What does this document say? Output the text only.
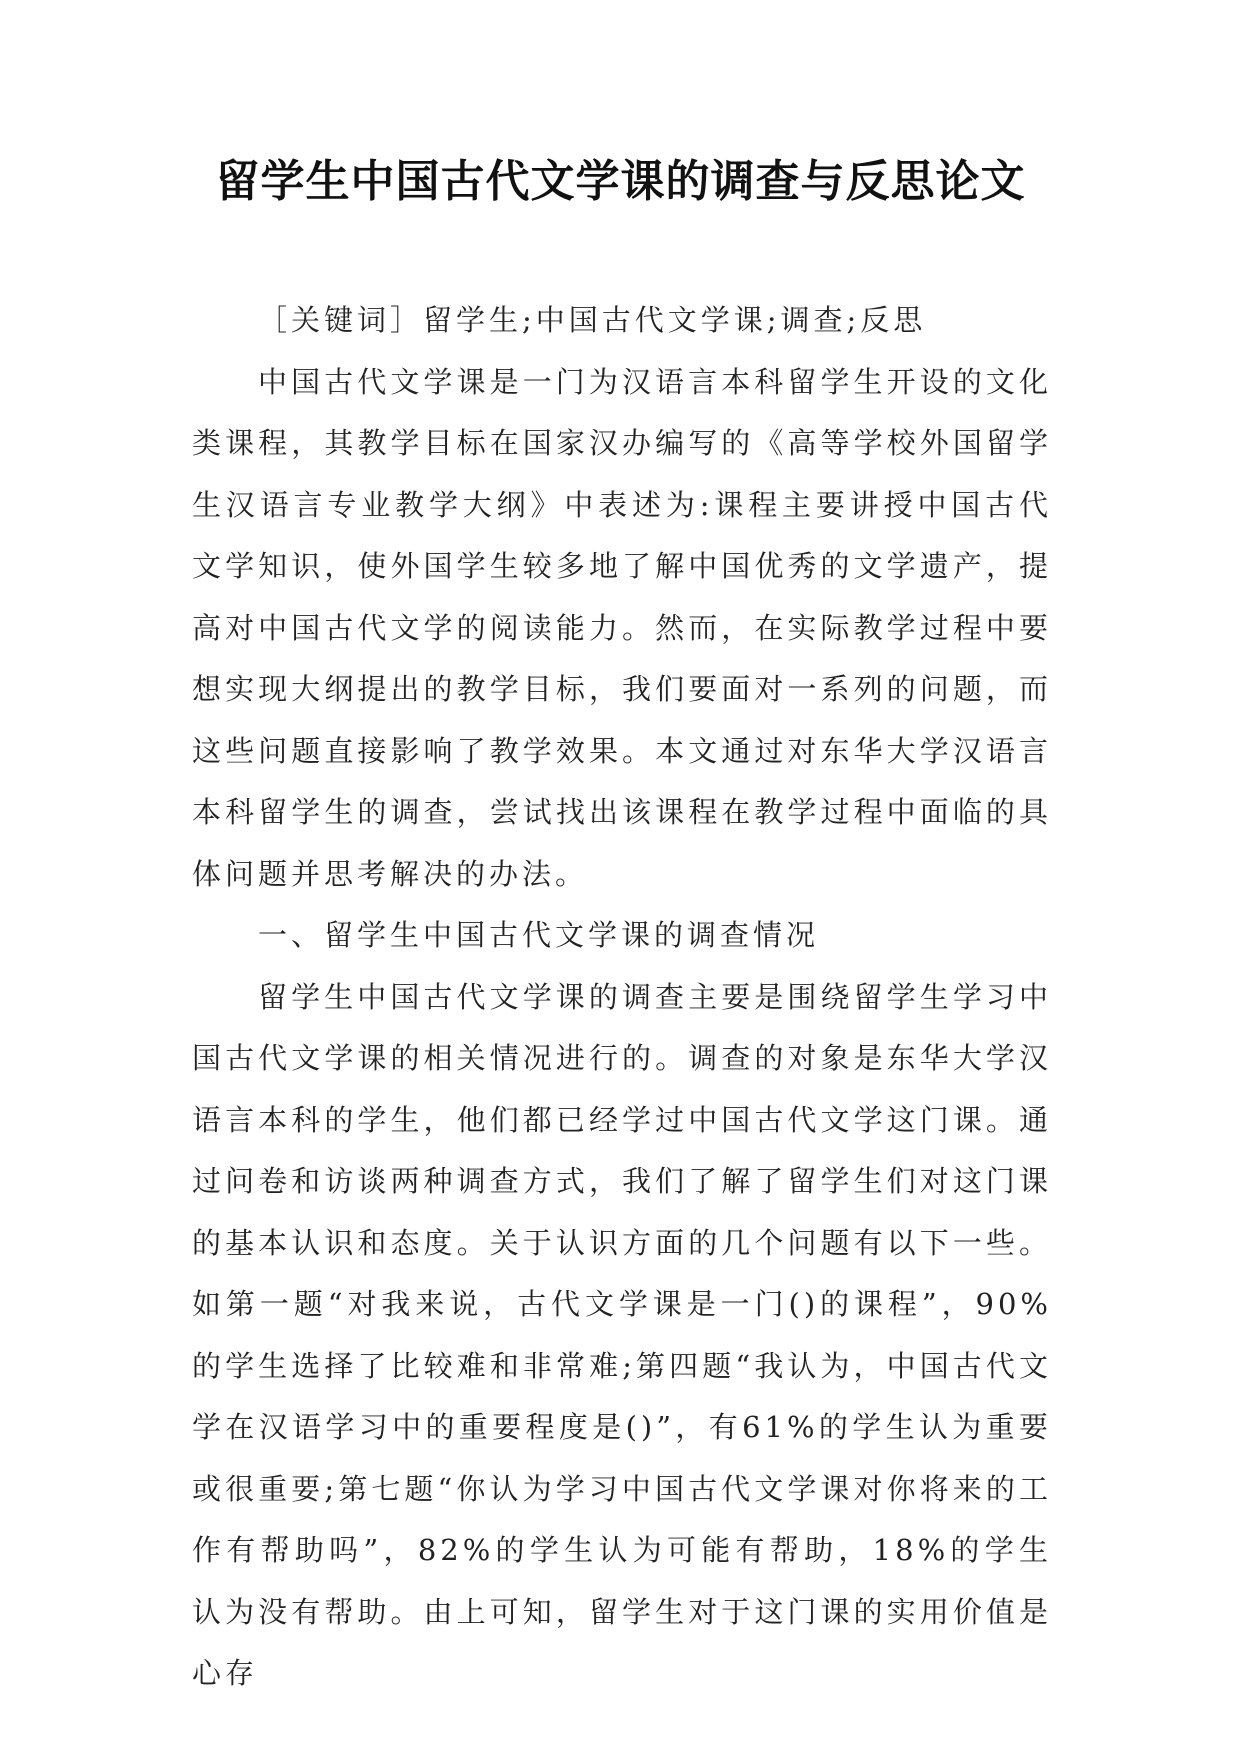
留学生中国古代文学课的调查与反思论文

［关键词］留学生;中国古代文学课;调查;反思

中国古代文学课是一门为汉语言本科留学生开设的文化类课程，其教学目标在国家汉办编写的《高等学校外国留学生汉语言专业教学大纲》中表述为:课程主要讲授中国古代文学知识，使外国学生较多地了解中国优秀的文学遗产，提高对中国古代文学的阅读能力。然而，在实际教学过程中要想实现大纲提出的教学目标，我们要面对一系列的问题，而这些问题直接影响了教学效果。本文通过对东华大学汉语言本科留学生的调查，尝试找出该课程在教学过程中面临的具体问题并思考解决的办法。

一、留学生中国古代文学课的调查情况

留学生中国古代文学课的调查主要是围绕留学生学习中国古代文学课的相关情况进行的。调查的对象是东华大学汉语言本科的学生，他们都已经学过中国古代文学这门课。通过问卷和访谈两种调查方式，我们了解了留学生们对这门课的基本认识和态度。关于认识方面的几个问题有以下一些。如第一题“对我来说，古代文学课是一门()的课程”，90%的学生选择了比较难和非常难;第四题“我认为，中国古代文学在汉语学习中的重要程度是()”，有61%的学生认为重要或很重要;第七题“你认为学习中国古代文学课对你将来的工作有帮助吗”，82%的学生认为可能有帮助，18%的学生认为没有帮助。由上可知，留学生对于这门课的实用价值是心存
